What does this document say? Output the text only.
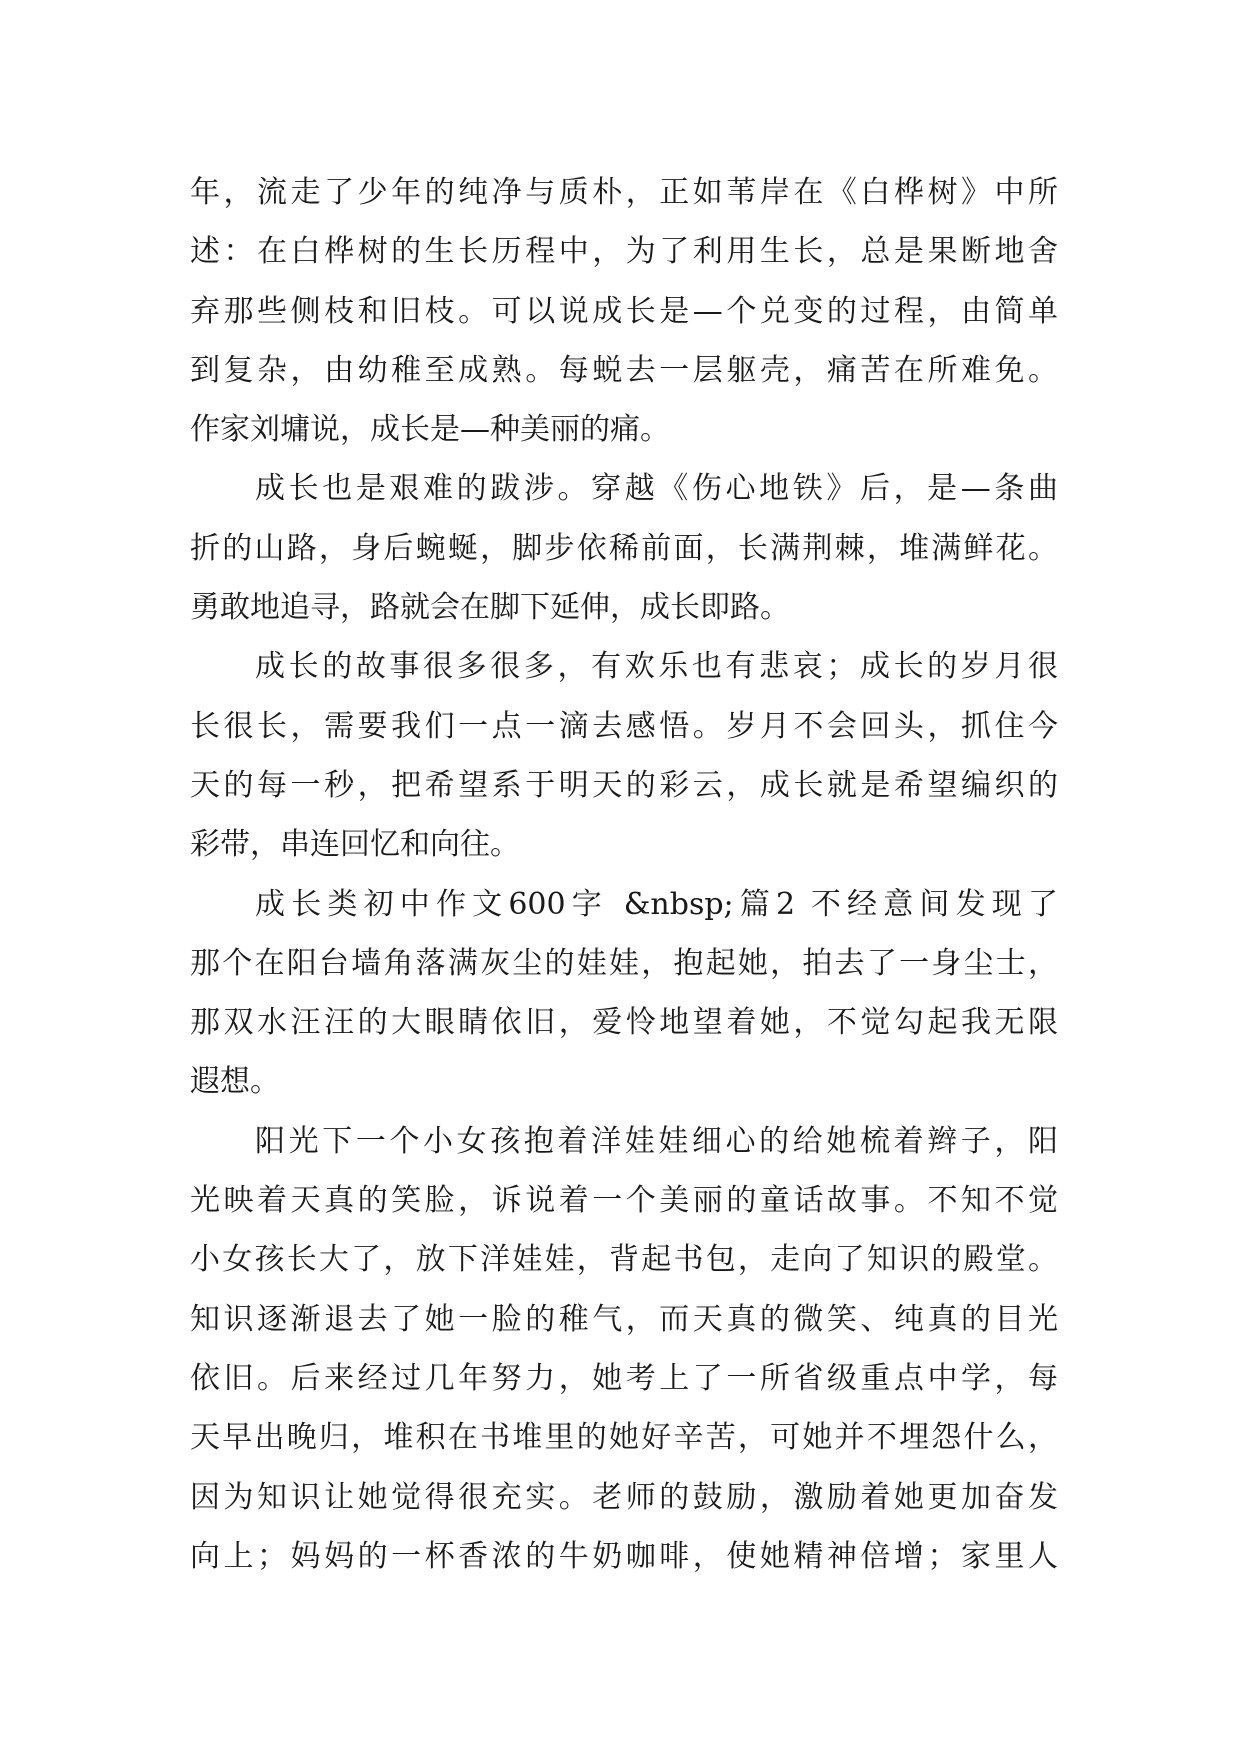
年，流走了少年的纯净与质朴，正如苇岸在《白桦树》中所
述：在白桦树的生长历程中，为了利用生长，总是果断地舍
弃那些侧枝和旧枝。可以说成长是—个兑变的过程，由简单
到复杂，由幼稚至成熟。每蜕去一层躯壳，痛苦在所难免。
作家刘墉说，成长是—种美丽的痛。
成长也是艰难的跋涉。穿越《伤心地铁》后，是—条曲
折的山路，身后蜿蜒，脚步依稀前面，长满荆棘，堆满鲜花。
勇敢地追寻，路就会在脚下延伸，成长即路。
成长的故事很多很多，有欢乐也有悲哀；成长的岁月很
长很长，需要我们一点一滴去感悟。岁月不会回头，抓住今
天的每一秒，把希望系于明天的彩云，成长就是希望编织的
彩带，串连回忆和向往。
成长类初中作文600字 &nbsp;篇2 不经意间发现了
那个在阳台墙角落满灰尘的娃娃，抱起她，拍去了一身尘士，
那双水汪汪的大眼睛依旧，爱怜地望着她，不觉勾起我无限
遐想。
阳光下一个小女孩抱着洋娃娃细心的给她梳着辫子，阳
光映着天真的笑脸，诉说着一个美丽的童话故事。不知不觉
小女孩长大了，放下洋娃娃，背起书包，走向了知识的殿堂。
知识逐渐退去了她一脸的稚气，而天真的微笑、纯真的目光
依旧。后来经过几年努力，她考上了一所省级重点中学，每
天早出晚归，堆积在书堆里的她好辛苦，可她并不埋怨什么，
因为知识让她觉得很充实。老师的鼓励，激励着她更加奋发
向上；妈妈的一杯香浓的牛奶咖啡，使她精神倍增；家里人
